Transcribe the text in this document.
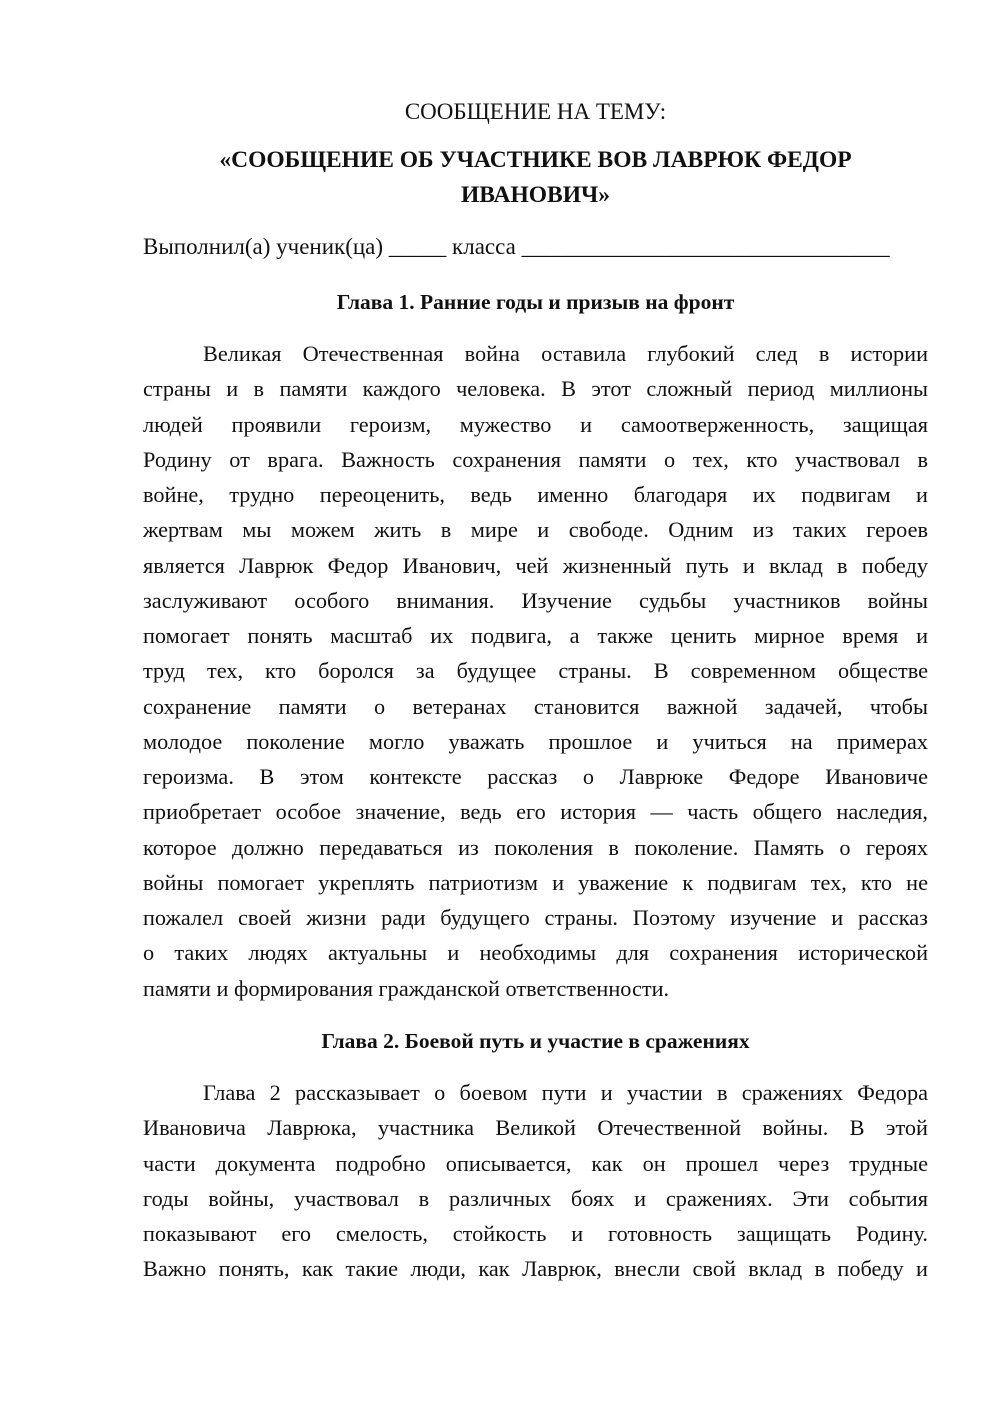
СООБЩЕНИЕ НА ТЕМУ:
«СООБЩЕНИЕ ОБ УЧАСТНИКЕ ВОВ ЛАВРЮК ФЕДОР
ИВАНОВИЧ»
Выполнил(а) ученик(ца) _____ класса ________________________________
Глава 1. Ранние годы и призыв на фронт
Великая Отечественная война оставила глубокий след в истории
страны и в памяти каждого человека. В этот сложный период миллионы
людей проявили героизм, мужество и самоотверженность, защищая
Родину от врага. Важность сохранения памяти о тех, кто участвовал в
войне, трудно переоценить, ведь именно благодаря их подвигам и
жертвам мы можем жить в мире и свободе. Одним из таких героев
является Лаврюк Федор Иванович, чей жизненный путь и вклад в победу
заслуживают особого внимания. Изучение судьбы участников войны
помогает понять масштаб их подвига, а также ценить мирное время и
труд тех, кто боролся за будущее страны. В современном обществе
сохранение памяти о ветеранах становится важной задачей, чтобы
молодое поколение могло уважать прошлое и учиться на примерах
героизма. В этом контексте рассказ о Лаврюке Федоре Ивановиче
приобретает особое значение, ведь его история — часть общего наследия,
которое должно передаваться из поколения в поколение. Память о героях
войны помогает укреплять патриотизм и уважение к подвигам тех, кто не
пожалел своей жизни ради будущего страны. Поэтому изучение и рассказ
о таких людях актуальны и необходимы для сохранения исторической
памяти и формирования гражданской ответственности.
Глава 2. Боевой путь и участие в сражениях
Глава 2 рассказывает о боевом пути и участии в сражениях Федора
Ивановича Лаврюка, участника Великой Отечественной войны. В этой
части документа подробно описывается, как он прошел через трудные
годы войны, участвовал в различных боях и сражениях. Эти события
показывают его смелость, стойкость и готовность защищать Родину.
Важно понять, как такие люди, как Лаврюк, внесли свой вклад в победу и
